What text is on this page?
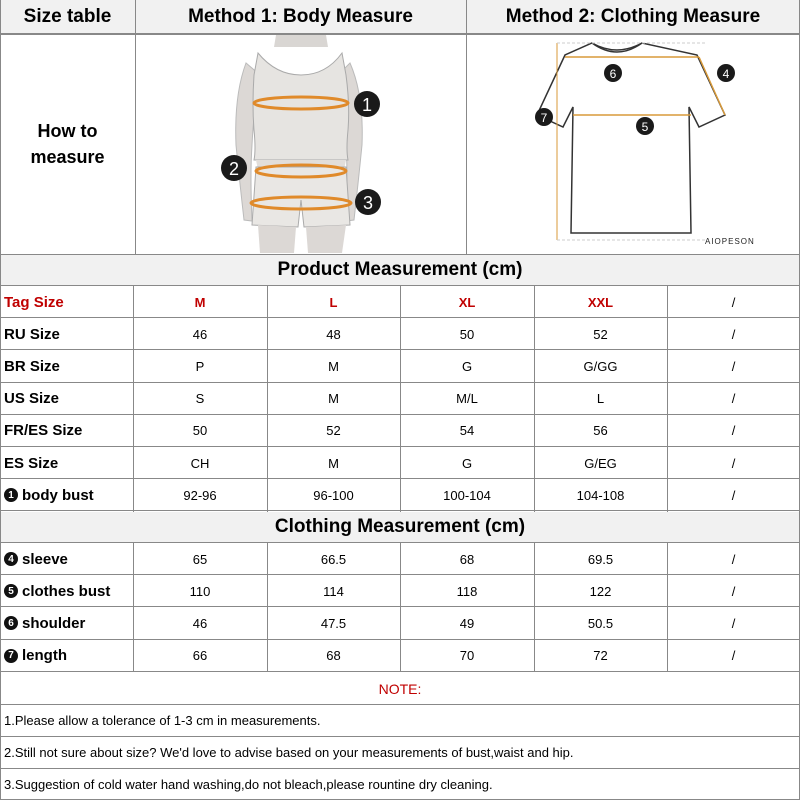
Size table	Method 1: Body Measure	Method 2: Clothing Measure
How to
measure
1
2
3
6	4
7
5
AIOPESON
Product Measurement (cm)
Tag Size	M	L	XL	XXL	/
RU Size	46	48	50	52	/
BR Size	P	M	G	G/GG	/
US Size	S	M	M/L	L	/
FR/ES Size	50	52	54	56	/
ES Size	CH	M	G	G/EG	/
1 body bust	92-96	96-100	100-104	104-108	/
Clothing Measurement (cm)
4 sleeve	65	66.5	68	69.5	/
5 clothes bust	110	114	118	122	/
6 shoulder	46	47.5	49	50.5	/
7 length	66	68	70	72	/
NOTE:
1.Please allow a tolerance of 1-3 cm in measurements.
2.Still not sure about size? We'd love to advise based on your measurements of bust,waist and hip.
3.Suggestion of cold water hand washing,do not bleach,please rountine dry cleaning.
